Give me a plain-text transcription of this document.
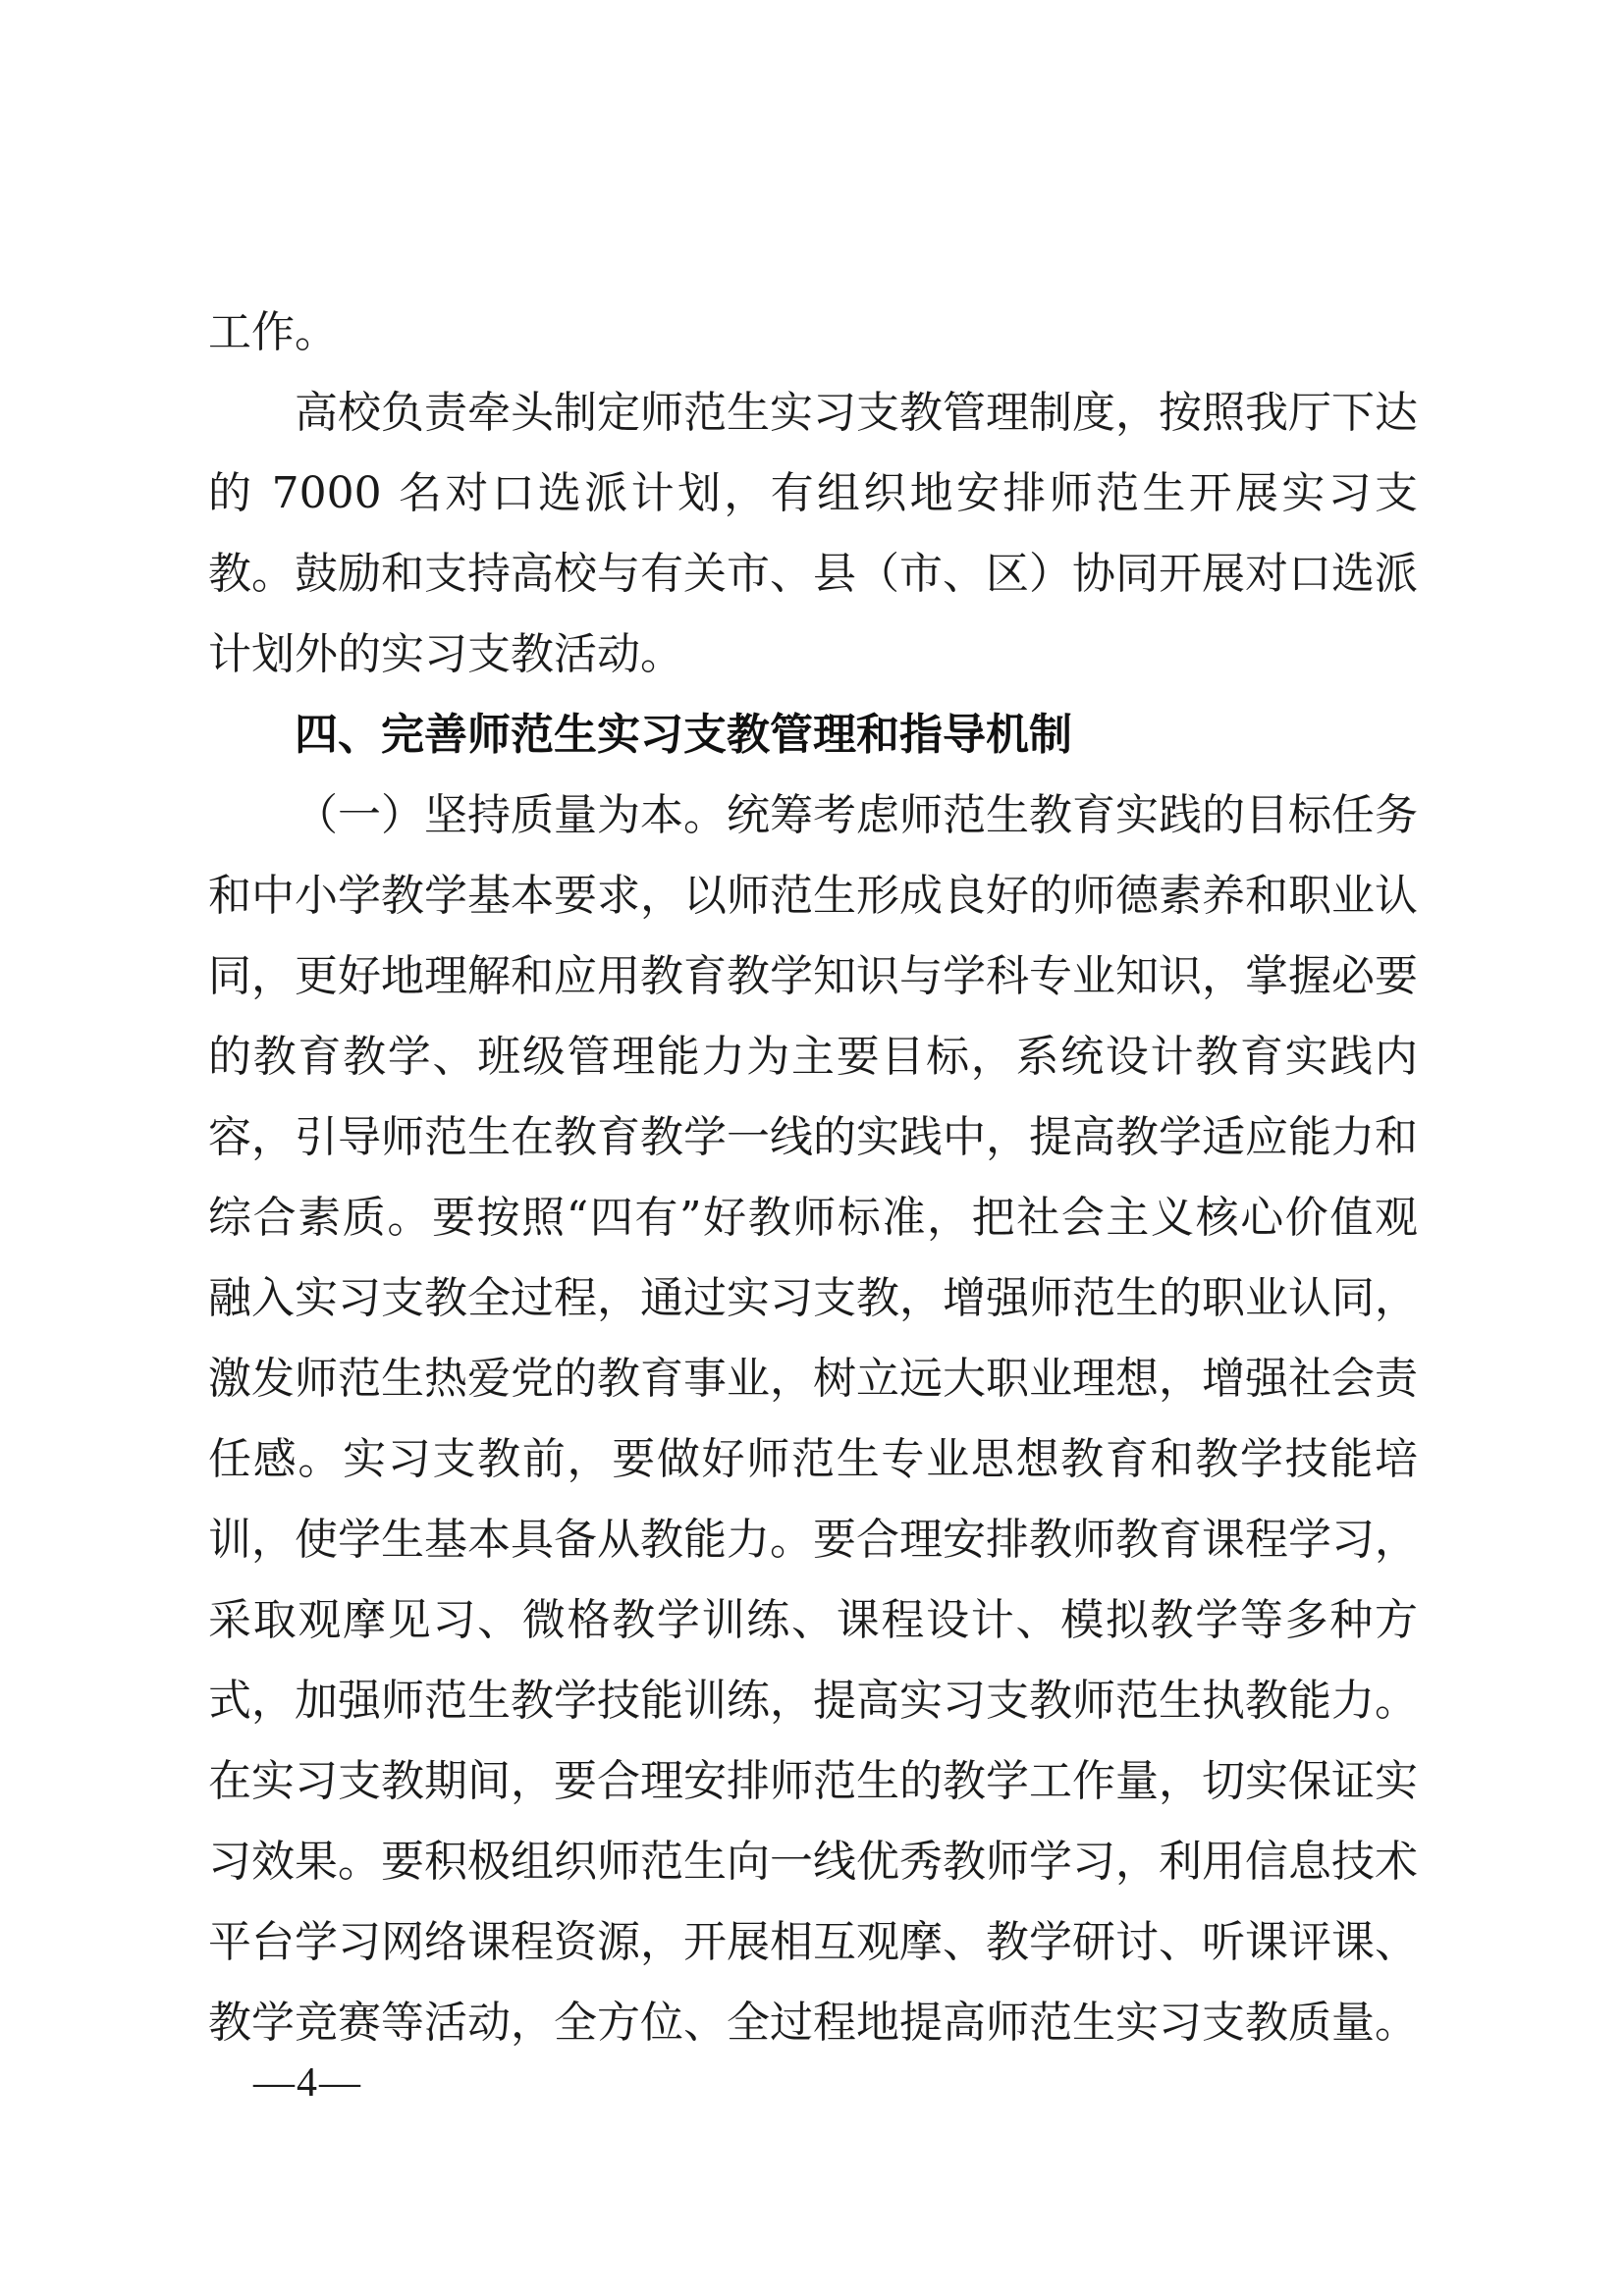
工作。

高校负责牵头制定师范生实习支教管理制度，按照我厅下达的 7000 名对口选派计划，有组织地安排师范生开展实习支教。鼓励和支持高校与有关市、县（市、区）协同开展对口选派计划外的实习支教活动。

四、完善师范生实习支教管理和指导机制

（一）坚持质量为本。统筹考虑师范生教育实践的目标任务和中小学教学基本要求，以师范生形成良好的师德素养和职业认同，更好地理解和应用教育教学知识与学科专业知识，掌握必要的教育教学、班级管理能力为主要目标，系统设计教育实践内容，引导师范生在教育教学一线的实践中，提高教学适应能力和综合素质。要按照“四有”好教师标准，把社会主义核心价值观融入实习支教全过程，通过实习支教，增强师范生的职业认同，激发师范生热爱党的教育事业，树立远大职业理想，增强社会责任感。实习支教前，要做好师范生专业思想教育和教学技能培训，使学生基本具备从教能力。要合理安排教师教育课程学习，采取观摩见习、微格教学训练、课程设计、模拟教学等多种方式，加强师范生教学技能训练，提高实习支教师范生执教能力。在实习支教期间，要合理安排师范生的教学工作量，切实保证实习效果。要积极组织师范生向一线优秀教师学习，利用信息技术平台学习网络课程资源，开展相互观摩、教学研讨、听课评课、教学竞赛等活动，全方位、全过程地提高师范生实习支教质量。

—4—
